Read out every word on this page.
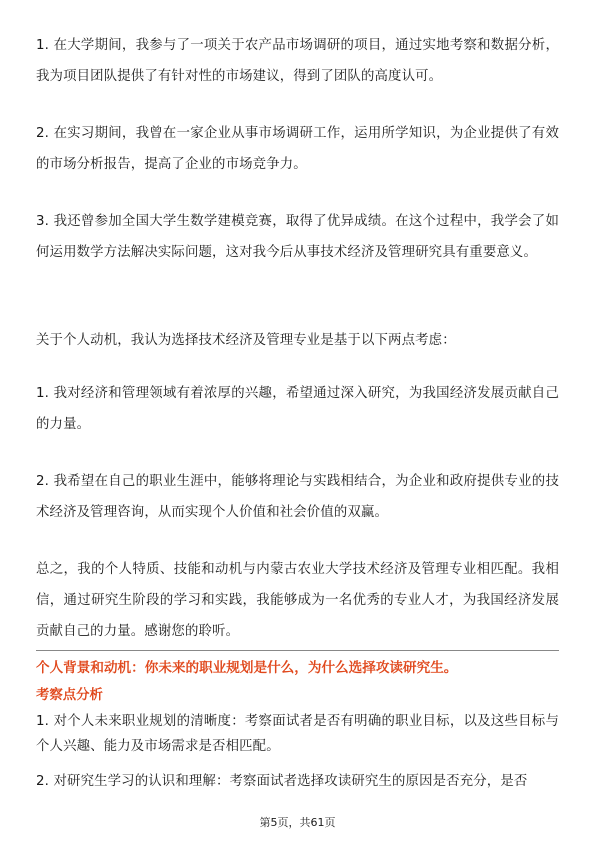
1. 在大学期间，我参与了一项关于农产品市场调研的项目，通过实地考察和数据分析，我为项目团队提供了有针对性的市场建议，得到了团队的高度认可。

2. 在实习期间，我曾在一家企业从事市场调研工作，运用所学知识，为企业提供了有效的市场分析报告，提高了企业的市场竞争力。

3. 我还曾参加全国大学生数学建模竞赛，取得了优异成绩。在这个过程中，我学会了如何运用数学方法解决实际问题，这对我今后从事技术经济及管理研究具有重要意义。

关于个人动机，我认为选择技术经济及管理专业是基于以下两点考虑：

1. 我对经济和管理领域有着浓厚的兴趣，希望通过深入研究，为我国经济发展贡献自己的力量。

2. 我希望在自己的职业生涯中，能够将理论与实践相结合，为企业和政府提供专业的技术经济及管理咨询，从而实现个人价值和社会价值的双赢。

总之，我的个人特质、技能和动机与内蒙古农业大学技术经济及管理专业相匹配。我相信，通过研究生阶段的学习和实践，我能够成为一名优秀的专业人才，为我国经济发展贡献自己的力量。感谢您的聆听。

个人背景和动机：你未来的职业规划是什么，为什么选择攻读研究生。

考察点分析

1. 对个人未来职业规划的清晰度：考察面试者是否有明确的职业目标，以及这些目标与个人兴趣、能力及市场需求是否相匹配。

2. 对研究生学习的认识和理解：考察面试者选择攻读研究生的原因是否充分，是否

第5页，共61页
